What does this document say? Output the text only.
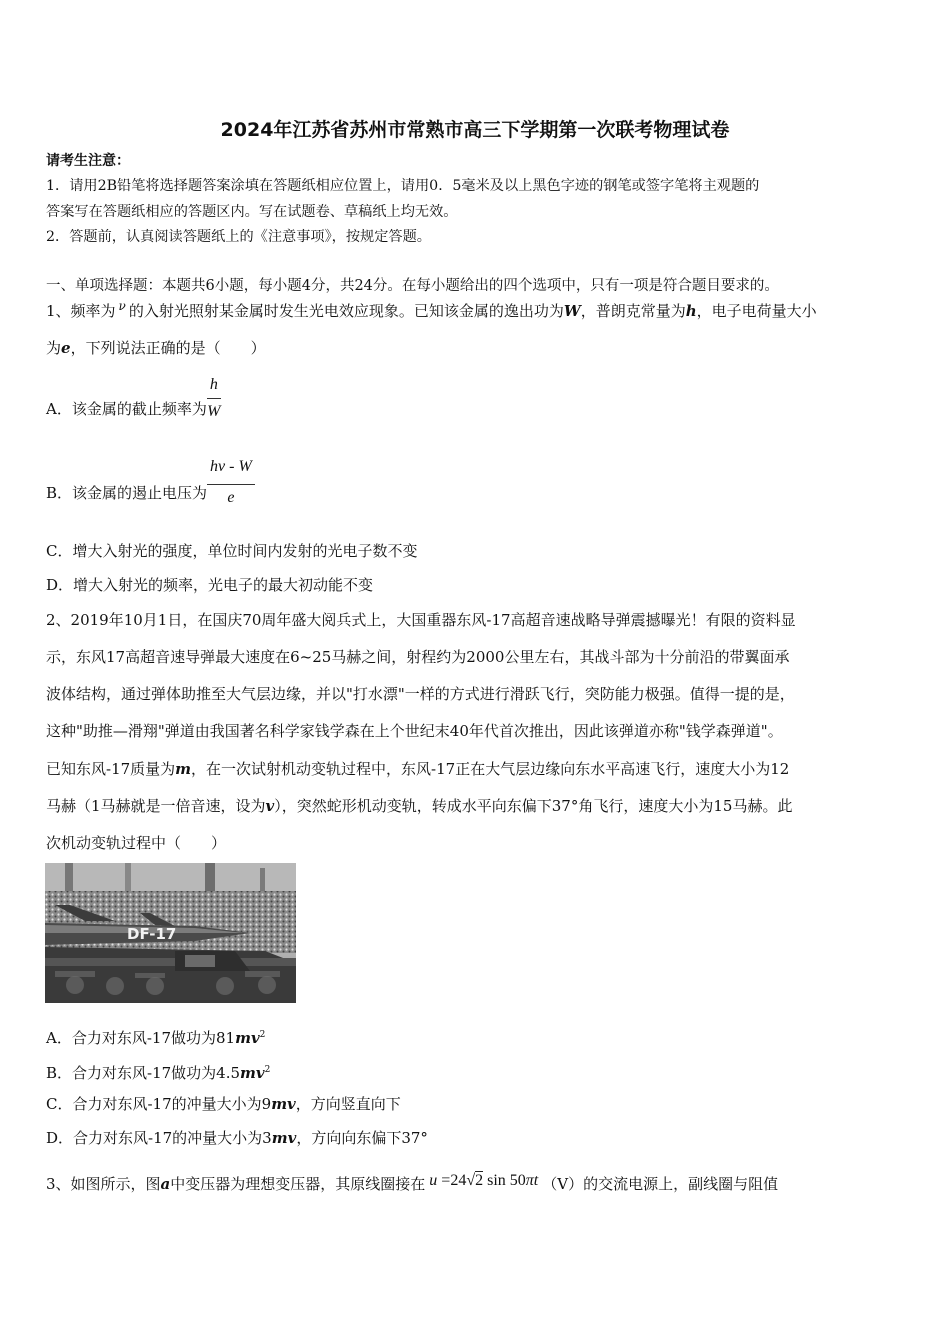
2024年江苏省苏州市常熟市高三下学期第一次联考物理试卷
请考生注意：
1．请用2B铅笔将选择题答案涂填在答题纸相应位置上，请用0．5毫米及以上黑色字迹的钢笔或签字笔将主观题的
答案写在答题纸相应的答题区内。写在试题卷、草稿纸上均无效。
2．答题前，认真阅读答题纸上的《注意事项》，按规定答题。
一、单项选择题：本题共6小题，每小题4分，共24分。在每小题给出的四个选项中，只有一项是符合题目要求的。
1、频率为 $^\nu$ 的入射光照射某金属时发生光电效应现象。已知该金属的逸出功为W，普朗克常量为h，电子电荷量大小
为e，下列说法正确的是（　　）
A．该金属的截止频率为 $\frac{h}{W}$
B．该金属的遏止电压为 $\frac{h\nu - W}{e}$
C．增大入射光的强度，单位时间内发射的光电子数不变
D．增大入射光的频率，光电子的最大初动能不变
2、2019年10月1日，在国庆70周年盛大阅兵式上，大国重器东风-17高超音速战略导弹震撼曝光！有限的资料显
示，东风17高超音速导弹最大速度在6~25马赫之间，射程约为2000公里左右，其战斗部为十分前沿的带翼面承
波体结构，通过弹体助推至大气层边缘，并以"打水漂"一样的方式进行滑跃飞行，突防能力极强。值得一提的是，
这种"助推—滑翔"弹道由我国著名科学家钱学森在上个世纪末40年代首次推出，因此该弹道亦称"钱学森弹道"。
已知东风-17质量为m，在一次试射机动变轨过程中，东风-17正在大气层边缘向东水平高速飞行，速度大小为12
马赫（1马赫就是一倍音速，设为v），突然蛇形机动变轨，转成水平向东偏下37°角飞行，速度大小为15马赫。此
次机动变轨过程中（　　）
DF-17
A．合力对东风-17做功为$81mv^2$
B．合力对东风-17做功为$4.5mv^2$
C．合力对东风-17的冲量大小为9mv，方向竖直向下
D．合力对东风-17的冲量大小为3mv，方向向东偏下37°
3、如图所示，图a中变压器为理想变压器，其原线圈接在 u =24√2 sin 50πt （V）的交流电源上，副线圈与阻值
